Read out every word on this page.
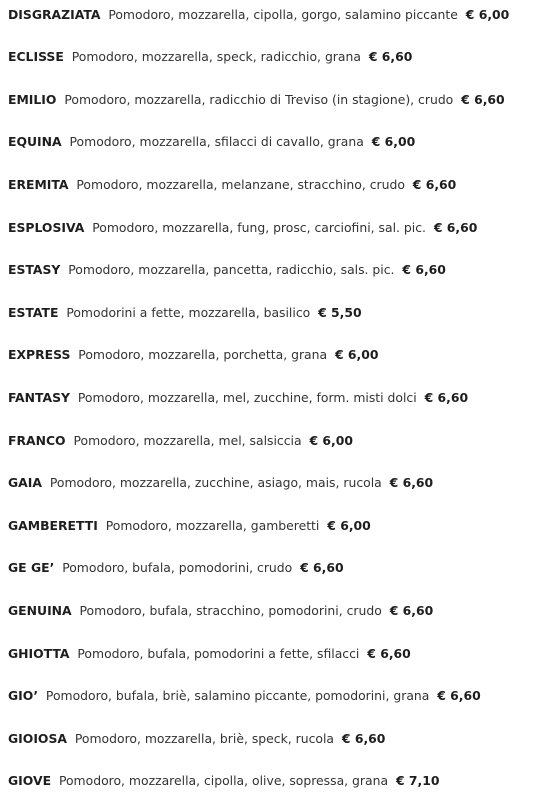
DISGRAZIATA Pomodoro, mozzarella, cipolla, gorgo, salamino piccante € 6,00
ECLISSE Pomodoro, mozzarella, speck, radicchio, grana € 6,60
EMILIO Pomodoro, mozzarella, radicchio di Treviso (in stagione), crudo € 6,60
EQUINA Pomodoro, mozzarella, sfilacci di cavallo, grana € 6,00
EREMITA Pomodoro, mozzarella, melanzane, stracchino, crudo € 6,60
ESPLOSIVA Pomodoro, mozzarella, fung, prosc, carciofini, sal. pic. € 6,60
ESTASY Pomodoro, mozzarella, pancetta, radicchio, sals. pic. € 6,60
ESTATE Pomodorini a fette, mozzarella, basilico € 5,50
EXPRESS Pomodoro, mozzarella, porchetta, grana € 6,00
FANTASY Pomodoro, mozzarella, mel, zucchine, form. misti dolci € 6,60
FRANCO Pomodoro, mozzarella, mel, salsiccia € 6,00
GAIA Pomodoro, mozzarella, zucchine, asiago, mais, rucola € 6,60
GAMBERETTI Pomodoro, mozzarella, gamberetti € 6,00
GE GE’ Pomodoro, bufala, pomodorini, crudo € 6,60
GENUINA Pomodoro, bufala, stracchino, pomodorini, crudo € 6,60
GHIOTTA Pomodoro, bufala, pomodorini a fette, sfilacci € 6,60
GIO’ Pomodoro, bufala, briè, salamino piccante, pomodorini, grana € 6,60
GIOIOSA Pomodoro, mozzarella, briè, speck, rucola € 6,60
GIOVE Pomodoro, mozzarella, cipolla, olive, sopressa, grana € 7,10
